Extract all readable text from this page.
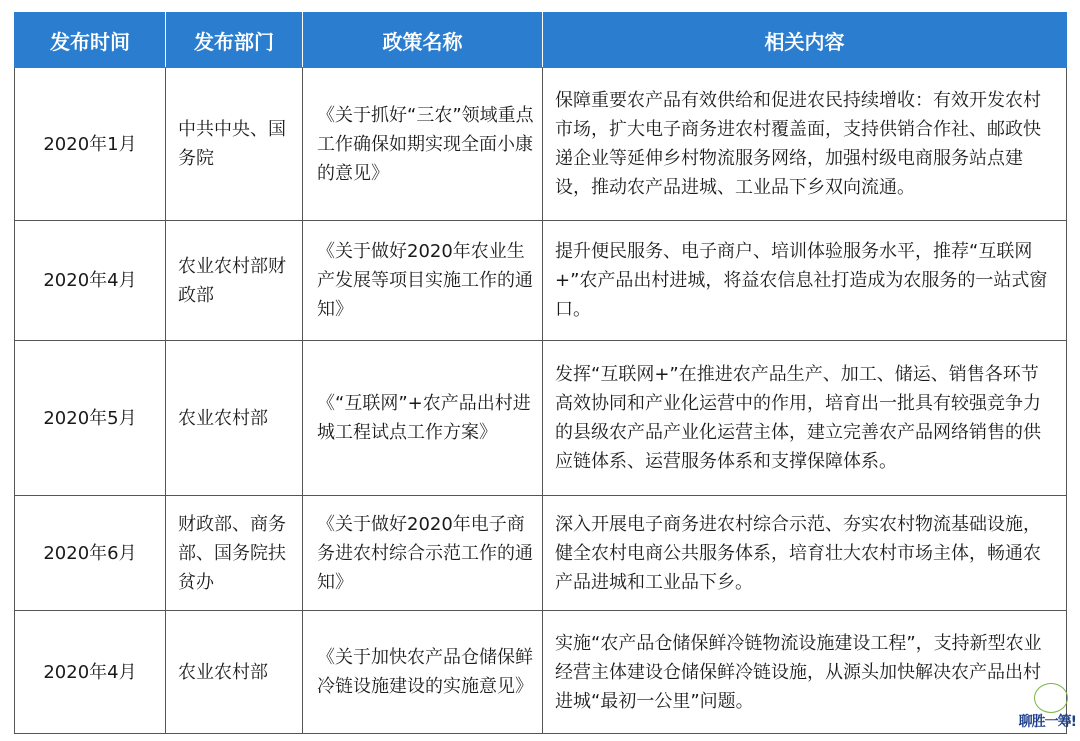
发布时间	发布部门	政策名称	相关内容
2020年1月	中共中央、国务院	《关于抓好“三农”领域重点工作确保如期实现全面小康的意见》	保障重要农产品有效供给和促进农民持续增收：有效开发农村市场，扩大电子商务进农村覆盖面，支持供销合作社、邮政快递企业等延伸乡村物流服务网络，加强村级电商服务站点建设，推动农产品进城、工业品下乡双向流通。
2020年4月	农业农村部财政部	《关于做好2020年农业生产发展等项目实施工作的通知》	提升便民服务、电子商户、培训体验服务水平，推荐“互联网+”农产品出村进城，将益农信息社打造成为农服务的一站式窗口。
2020年5月	农业农村部	《“互联网”+农产品出村进城工程试点工作方案》	发挥“互联网+”在推进农产品生产、加工、储运、销售各环节高效协同和产业化运营中的作用，培育出一批具有较强竞争力的县级农产品产业化运营主体，建立完善农产品网络销售的供应链体系、运营服务体系和支撑保障体系。
2020年6月	财政部、商务部、国务院扶贫办	《关于做好2020年电子商务进农村综合示范工作的通知》	深入开展电子商务进农村综合示范、夯实农村物流基础设施，健全农村电商公共服务体系，培育壮大农村市场主体，畅通农产品进城和工业品下乡。
2020年4月	农业农村部	《关于加快农产品仓储保鲜冷链设施建设的实施意见》	实施“农产品仓储保鲜冷链物流设施建设工程”，支持新型农业经营主体建设仓储保鲜冷链设施，从源头加快解决农产品出村进城“最初一公里”问题。
聊胜一筹!
